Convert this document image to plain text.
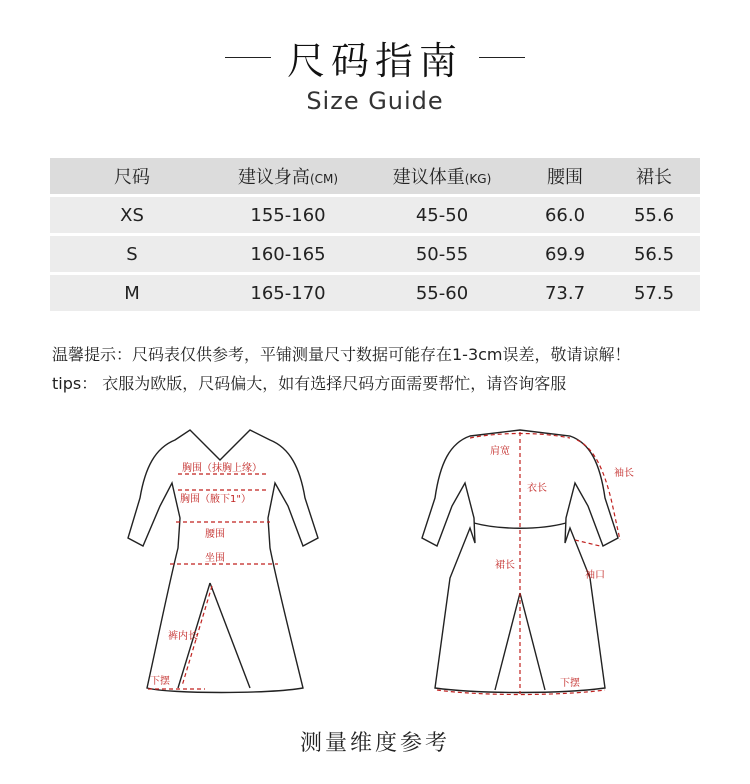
尺码指南
Size Guide
尺码	建议身高(CM)	建议体重(KG)	腰围	裙长
XS	155-160	45-50	66.0	55.6
S	160-165	50-55	69.9	56.5
M	165-170	55-60	73.7	57.5
温馨提示：尺码表仅供参考，平铺测量尺寸数据可能存在1-3cm误差，敬请谅解！
tips： 衣服为欧版，尺码偏大，如有选择尺码方面需要帮忙，请咨询客服
胸围（抹胸上缘）
胸围（腋下1"）
腰围
坐围
裤内长
下摆
肩宽
衣长
袖长
裙长
袖口
下摆
测量维度参考
